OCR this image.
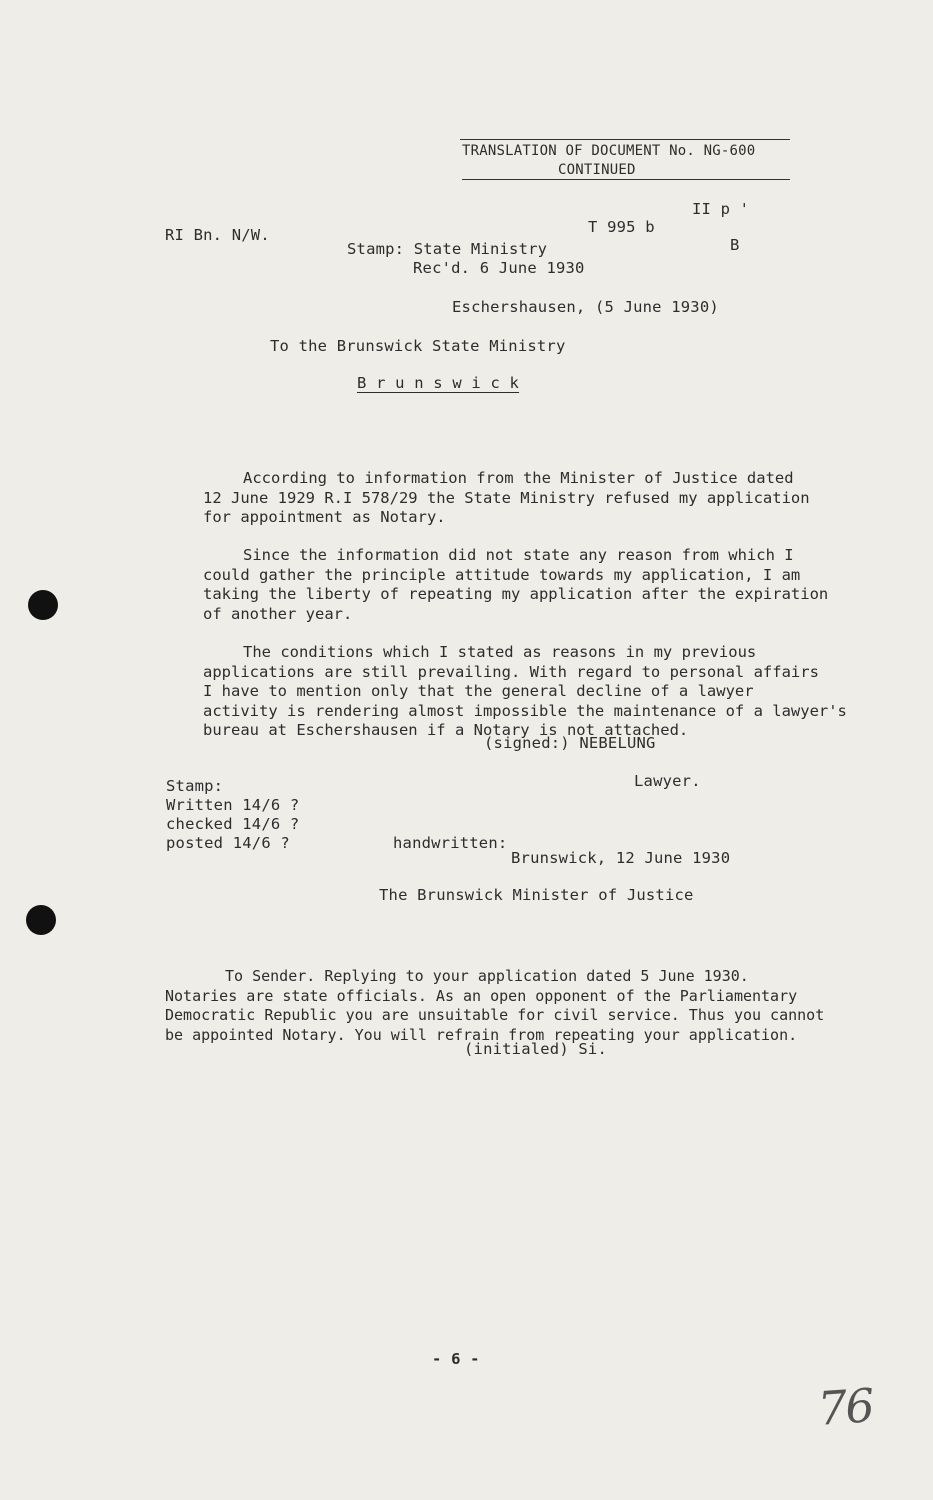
TRANSLATION OF DOCUMENT No. NG-600
CONTINUED
II p '
T 995 b
B
RI Bn. N/W.
Stamp: State Ministry
Rec'd. 6 June 1930
Eschershausen, (5 June 1930)
To the Brunswick State Ministry
B r u n s w i c k

According to information from the Minister of Justice dated
12 June 1929 R.I 578/29 the State Ministry refused my application
for appointment as Notary.

Since the information did not state any reason from which I
could gather the principle attitude towards my application, I am
taking the liberty of repeating my application after the expiration
of another year.

The conditions which I stated as reasons in my previous
applications are still prevailing. With regard to personal affairs
I have to mention only that the general decline of a lawyer
activity is rendering almost impossible the maintenance of a lawyer's
bureau at Eschershausen if a Notary is not attached.

(signed:) NEBELUNG
Lawyer.
Stamp:
Written 14/6 ?
checked 14/6 ?
posted 14/6 ?	handwritten:
Brunswick, 12 June 1930
The Brunswick Minister of Justice

To Sender. Replying to your application dated 5 June 1930.
Notaries are state officials. As an open opponent of the Parliamentary
Democratic Republic you are unsuitable for civil service. Thus you cannot
be appointed Notary. You will refrain from repeating your application.

(initialed) Si.
- 6 -
76
